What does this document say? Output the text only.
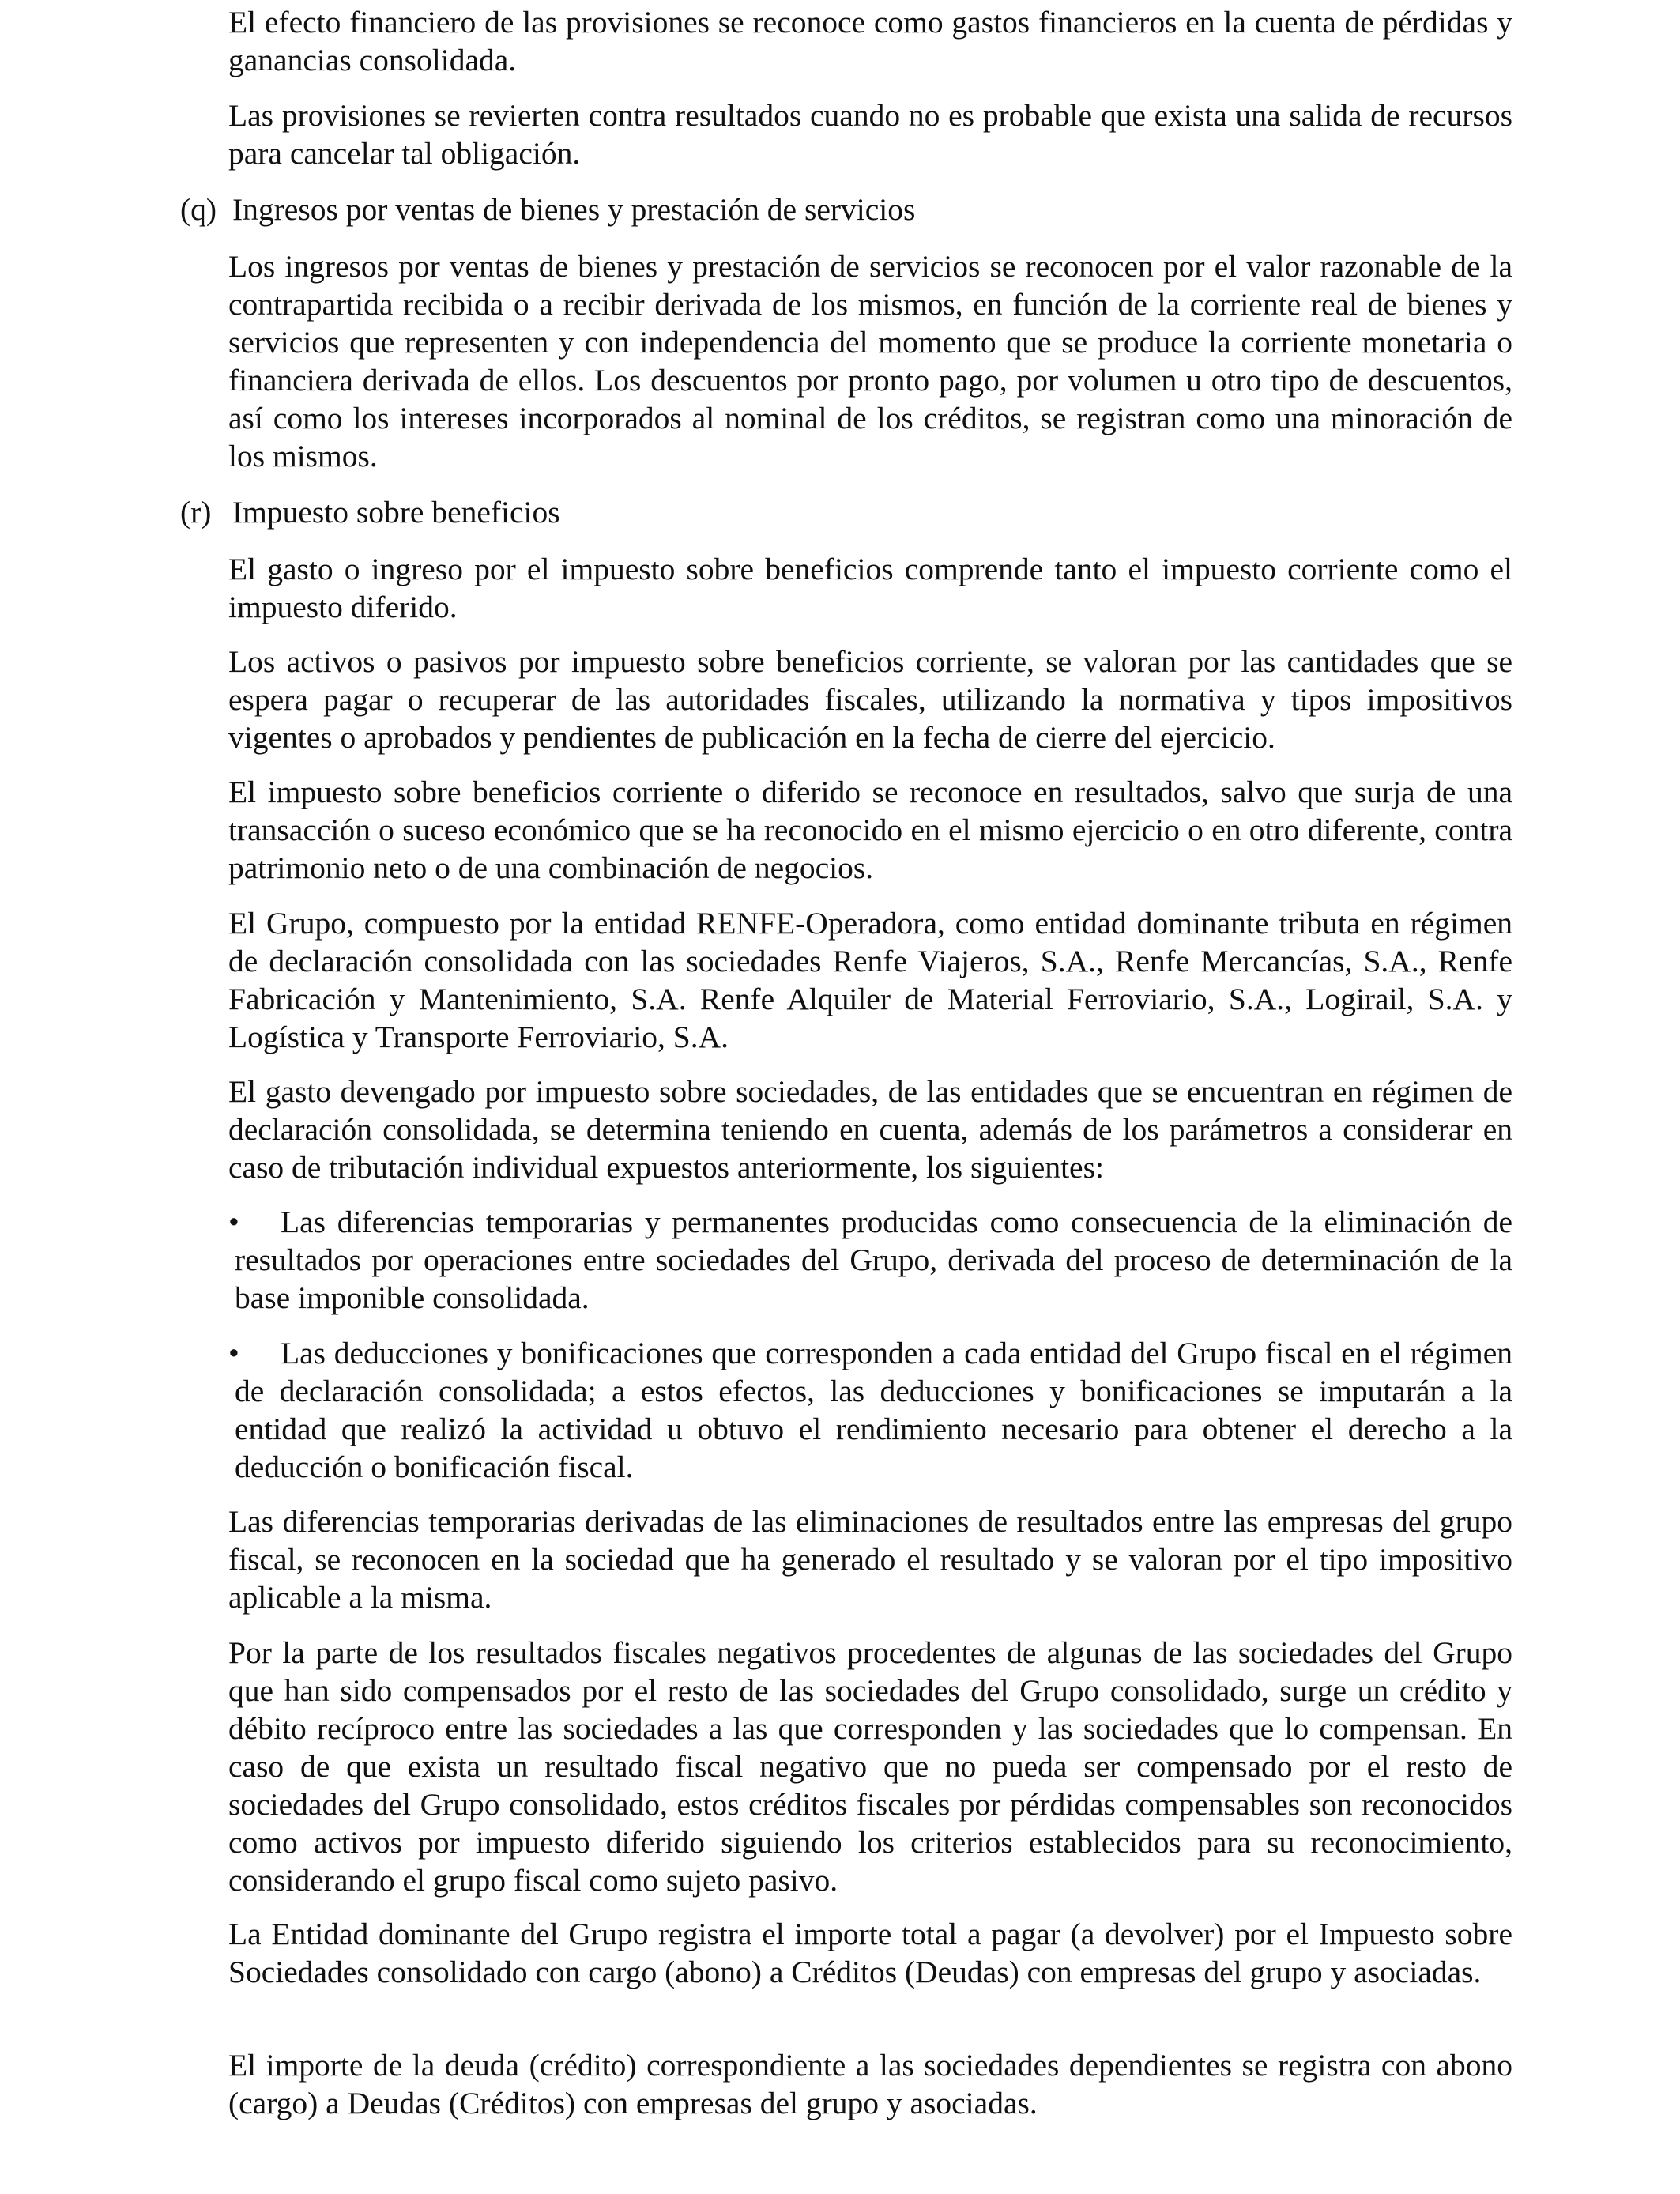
El efecto financiero de las provisiones se reconoce como gastos financieros en la cuenta de pérdidas y ganancias consolidada.

Las provisiones se revierten contra resultados cuando no es probable que exista una salida de recursos para cancelar tal obligación.

(q) Ingresos por ventas de bienes y prestación de servicios

Los ingresos por ventas de bienes y prestación de servicios se reconocen por el valor razonable de la contrapartida recibida o a recibir derivada de los mismos, en función de la corriente real de bienes y servicios que representen y con independencia del momento que se produce la corriente monetaria o financiera derivada de ellos. Los descuentos por pronto pago, por volumen u otro tipo de descuentos, así como los intereses incorporados al nominal de los créditos, se registran como una minoración de los mismos.

(r) Impuesto sobre beneficios

El gasto o ingreso por el impuesto sobre beneficios comprende tanto el impuesto corriente como el impuesto diferido.

Los activos o pasivos por impuesto sobre beneficios corriente, se valoran por las cantidades que se espera pagar o recuperar de las autoridades fiscales, utilizando la normativa y tipos impositivos vigentes o aprobados y pendientes de publicación en la fecha de cierre del ejercicio.

El impuesto sobre beneficios corriente o diferido se reconoce en resultados, salvo que surja de una transacción o suceso económico que se ha reconocido en el mismo ejercicio o en otro diferente, contra patrimonio neto o de una combinación de negocios.

El Grupo, compuesto por la entidad RENFE-Operadora, como entidad dominante tributa en régimen de declaración consolidada con las sociedades Renfe Viajeros, S.A., Renfe Mercancías, S.A., Renfe Fabricación y Mantenimiento, S.A. Renfe Alquiler de Material Ferroviario, S.A., Logirail, S.A. y Logística y Transporte Ferroviario, S.A.

El gasto devengado por impuesto sobre sociedades, de las entidades que se encuentran en régimen de declaración consolidada, se determina teniendo en cuenta, además de los parámetros a considerar en caso de tributación individual expuestos anteriormente, los siguientes:

•	Las diferencias temporarias y permanentes producidas como consecuencia de la eliminación de resultados por operaciones entre sociedades del Grupo, derivada del proceso de determinación de la base imponible consolidada.
•	Las deducciones y bonificaciones que corresponden a cada entidad del Grupo fiscal en el régimen de declaración consolidada; a estos efectos, las deducciones y bonificaciones se imputarán a la entidad que realizó la actividad u obtuvo el rendimiento necesario para obtener el derecho a la deducción o bonificación fiscal.

Las diferencias temporarias derivadas de las eliminaciones de resultados entre las empresas del grupo fiscal, se reconocen en la sociedad que ha generado el resultado y se valoran por el tipo impositivo aplicable a la misma.

Por la parte de los resultados fiscales negativos procedentes de algunas de las sociedades del Grupo que han sido compensados por el resto de las sociedades del Grupo consolidado, surge un crédito y débito recíproco entre las sociedades a las que corresponden y las sociedades que lo compensan. En caso de que exista un resultado fiscal negativo que no pueda ser compensado por el resto de sociedades del Grupo consolidado, estos créditos fiscales por pérdidas compensables son reconocidos como activos por impuesto diferido siguiendo los criterios establecidos para su reconocimiento, considerando el grupo fiscal como sujeto pasivo.

La Entidad dominante del Grupo registra el importe total a pagar (a devolver) por el Impuesto sobre Sociedades consolidado con cargo (abono) a Créditos (Deudas) con empresas del grupo y asociadas.

El importe de la deuda (crédito) correspondiente a las sociedades dependientes se registra con abono (cargo) a Deudas (Créditos) con empresas del grupo y asociadas.
